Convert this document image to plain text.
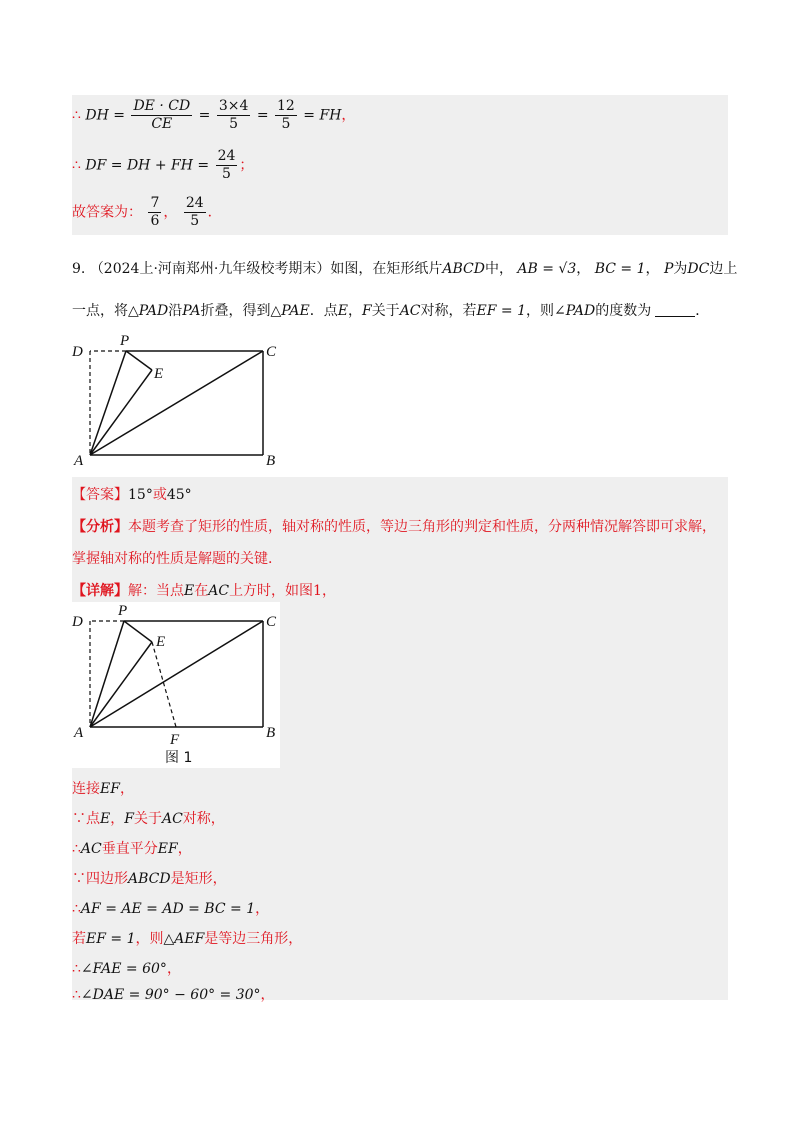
∴ DH = $\frac{DE \cdot CD}{CE} = \frac{3\times 4}{5} = \frac{12}{5}$ = FH，
∴ DF = DH + FH = $\frac{24}{5}$ ；
故答案为： $\frac{7}{6}$ ， $\frac{24}{5}$ ．
9. （2024上·河南郑州·九年级校考期末）如图，在矩形纸片ABCD中， AB = √3， BC = 1， P为DC边上
一点，将△PAD沿PA折叠，得到△PAE．点E，F关于AC对称，若EF = 1，则∠PAD的度数为	．
D
P
C
E
A	B
【答案】15°或45°
【分析】本题考查了矩形的性质，轴对称的性质，等边三角形的判定和性质，分两种情况解答即可求解，
掌握轴对称的性质是解题的关键.
【详解】解：当点E在AC上方时，如图1，
D
P
C
E
A	F	B
图 1
连接EF，
∵点E，F关于AC对称，
∴AC垂直平分EF，
∵四边形ABCD是矩形，
∴AF = AE = AD = BC = 1，
若EF = 1，则△AEF是等边三角形，
∴∠FAE = 60°，
∴∠DAE = 90° − 60° = 30°，
